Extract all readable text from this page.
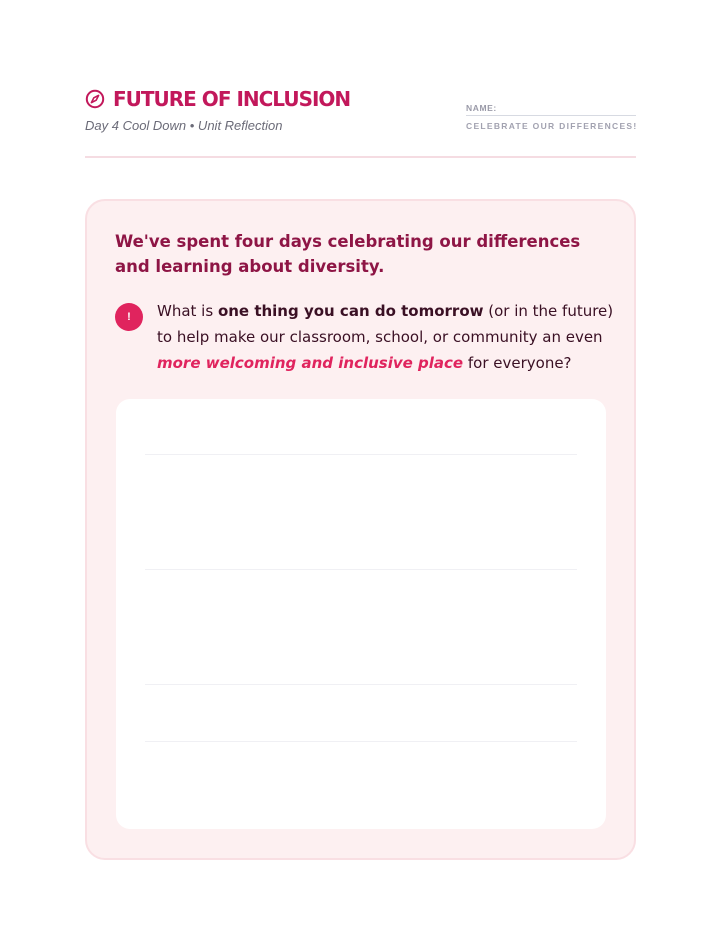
FUTURE OF INCLUSION
Day 4 Cool Down • Unit Reflection
NAME:
CELEBRATE OUR DIFFERENCES!
We've spent four days celebrating our differences and learning about diversity.
!	What is one thing you can do tomorrow (or in the future) to help make our classroom, school, or community an even more welcoming and inclusive place for everyone?
